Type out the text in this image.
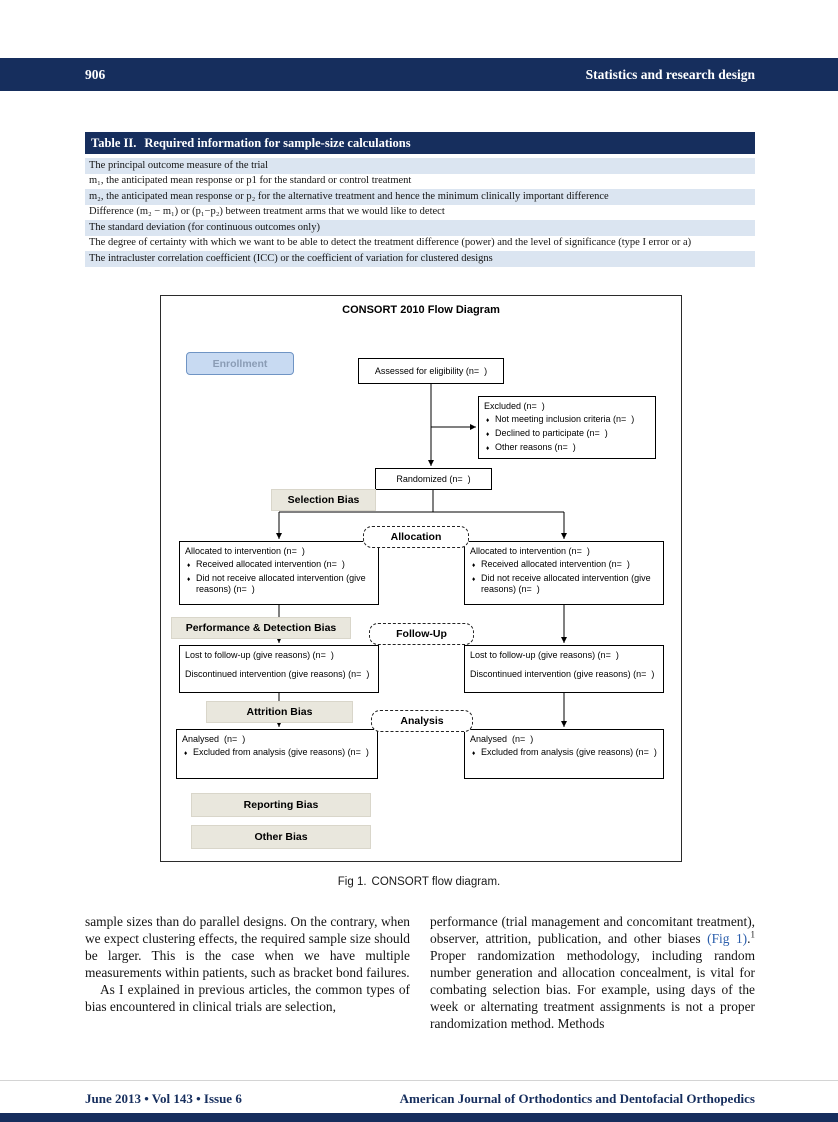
906	Statistics and research design
Table II. Required information for sample-size calculations
The principal outcome measure of the trial
m₁, the anticipated mean response or p1 for the standard or control treatment
m₂, the anticipated mean response or p₂ for the alternative treatment and hence the minimum clinically important difference
Difference (m₂ − m₁) or (p₁−p₂) between treatment arms that we would like to detect
The standard deviation (for continuous outcomes only)
The degree of certainty with which we want to be able to detect the treatment difference (power) and the level of significance (type I error or a)
The intracluster correlation coefficient (ICC) or the coefficient of variation for clustered designs
CONSORT 2010 Flow Diagram
Enrollment
Assessed for eligibility (n=  )
Excluded (n=  )
♦ Not meeting inclusion criteria (n=  )
♦ Declined to participate (n=  )
♦ Other reasons (n=  )
Randomized (n=  )
Selection Bias
Allocation
Allocated to intervention (n=  )
♦ Received allocated intervention (n=  )
♦ Did not receive allocated intervention (give reasons) (n=  )
Allocated to intervention (n=  )
♦ Received allocated intervention (n=  )
♦ Did not receive allocated intervention (give reasons) (n=  )
Performance & Detection Bias	Follow-Up
Lost to follow-up (give reasons) (n=  )
Discontinued intervention (give reasons) (n=  )
Lost to follow-up (give reasons) (n=  )
Discontinued intervention (give reasons) (n=  )
Attrition Bias
Analysis
Analysed  (n=  )
♦ Excluded from analysis (give reasons) (n=  )
Analysed  (n=  )
♦ Excluded from analysis (give reasons) (n=  )
Reporting Bias
Other Bias
Fig 1. CONSORT flow diagram.

sample sizes than do parallel designs. On the contrary, when we expect clustering effects, the required sample size should be larger. This is the case when we have multiple measurements within patients, such as bracket bond failures.

As I explained in previous articles, the common types of bias encountered in clinical trials are selection,

performance (trial management and concomitant treatment), observer, attrition, publication, and other biases (Fig 1).$^1$ Proper randomization methodology, including random number generation and allocation concealment, is vital for combating selection bias. For example, using days of the week or alternating treatment assignments is not a proper randomization method. Methods

June 2013 • Vol 143 • Issue 6	American Journal of Orthodontics and Dentofacial Orthopedics
